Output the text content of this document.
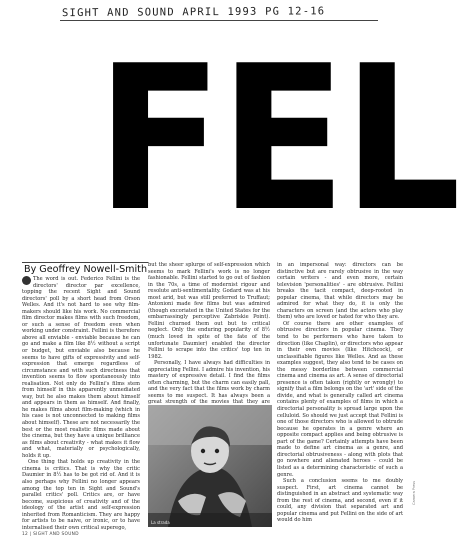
SIGHT AND SOUND APRIL 1993 PG 12-16
FEL
By Geoffrey Nowell-Smith

The word is out. Federico Fellini is the directors' director par excellence, topping the recent Sight and Sound directors' poll by a short head from Orson Welles. And it's not hard to see why film-makers should like his work. No commercial film director makes films with such freedom, or such a sense of freedom even when working under constraint. Fellini is therefore above all enviable - enviable because he can go and make a film like 8½ without a script or budget, but enviable also because he seems to have gifts of expressivity and self-expression that emerge regardless of circumstance and with such directness that invention seems to flow spontaneously into realisation. Not only do Fellini's films stem from himself in this apparently unmediated way, but he also makes them about himself and appears in them as himself. And finally, he makes films about film-making (which in his case is not unconnected to making films about himself). These are not necessarily the best or the most realistic films made about the cinema, but they have a unique brilliance as films about creativity - what makes it flow and what, materially or psychologically, holds it up.

One thing that holds up creativity in the cinema is critics. That is why the critic Daumier in 8½ has to be got rid of. And it is also perhaps why Fellini no longer appears among the top ten in Sight and Sound's parallel critics' poll. Critics are, or have become, suspicious of creativity and of the ideology of the artist and self-expression inherited from Romanticism. They are happy for artists to be naive, or ironic, or to have internalised their own critical superego,

but the sheer splurge of self-expression which seems to mark Fellini's work is no longer fashionable. Fellini started to go out of fashion in the 70s, a time of modernist rigour and resolute anti-sentimentality. Godard was at his most arid, but was still preferred to Truffaut; Antonioni made few films but was admired (though excoriated in the United States for the embarrassingly perceptive Zabriskie Point). Fellini churned them out but to critical neglect. Only the enduring popularity of 8½ (much loved in spite of the fate of the unfortunate Daumier) enabled the director Fellini to scrape into the critics' top ten in 1982.

Personally, I have always had difficulties in appreciating Fellini. I admire his invention, his mastery of expressive detail. I find the films often charming, but the charm can easily pall, and the very fact that the films work by charm seems to me suspect. It has always been a great strength of the movies that they are

La strada

in an impersonal way: directors can be distinctive but are rarely obtrusive in the way certain writers - and even more, certain television 'personalities' - are obtrusive. Fellini breaks the tacit compact, deep-rooted in popular cinema, that while directors may be admired for what they do, it is only the characters on screen (and the actors who play them) who are loved or hated for who they are.

Of course there are other examples of obtrusive directors in popular cinema. They tend to be performers who have taken to direction (like Chaplin), or directors who appear in their own movies (like Hitchcock), or unclassifiable figures like Welles. And as these examples suggest, they also tend to be cases on the messy borderline between commercial cinema and cinema as art. A sense of directorial presence is often taken (rightly or wrongly) to signify that a film belongs on the 'art' side of the divide, and what is generally called art cinema contains plenty of examples of films in which a directorial personality is spread large upon the celluloid. So should we just accept that Fellini is one of those directors who is allowed to obtrude because he operates in a genre where an opposite compact applies and being obtrusive is part of the game? Certainly attempts have been made to define art cinema as a genre, and directorial obtrusiveness - along with plots that go nowhere and alienated heroes - could be listed as a determining characteristic of such a genre.

Such a conclusion seems to me doubly suspect. First, art cinema cannot be distinguished in an abstract and systematic way from the rest of cinema, and second, even if it could, any division that separated art and popular cinema and put Fellini on the side of art would do him

Camera Press
12 | SIGHT AND SOUND
